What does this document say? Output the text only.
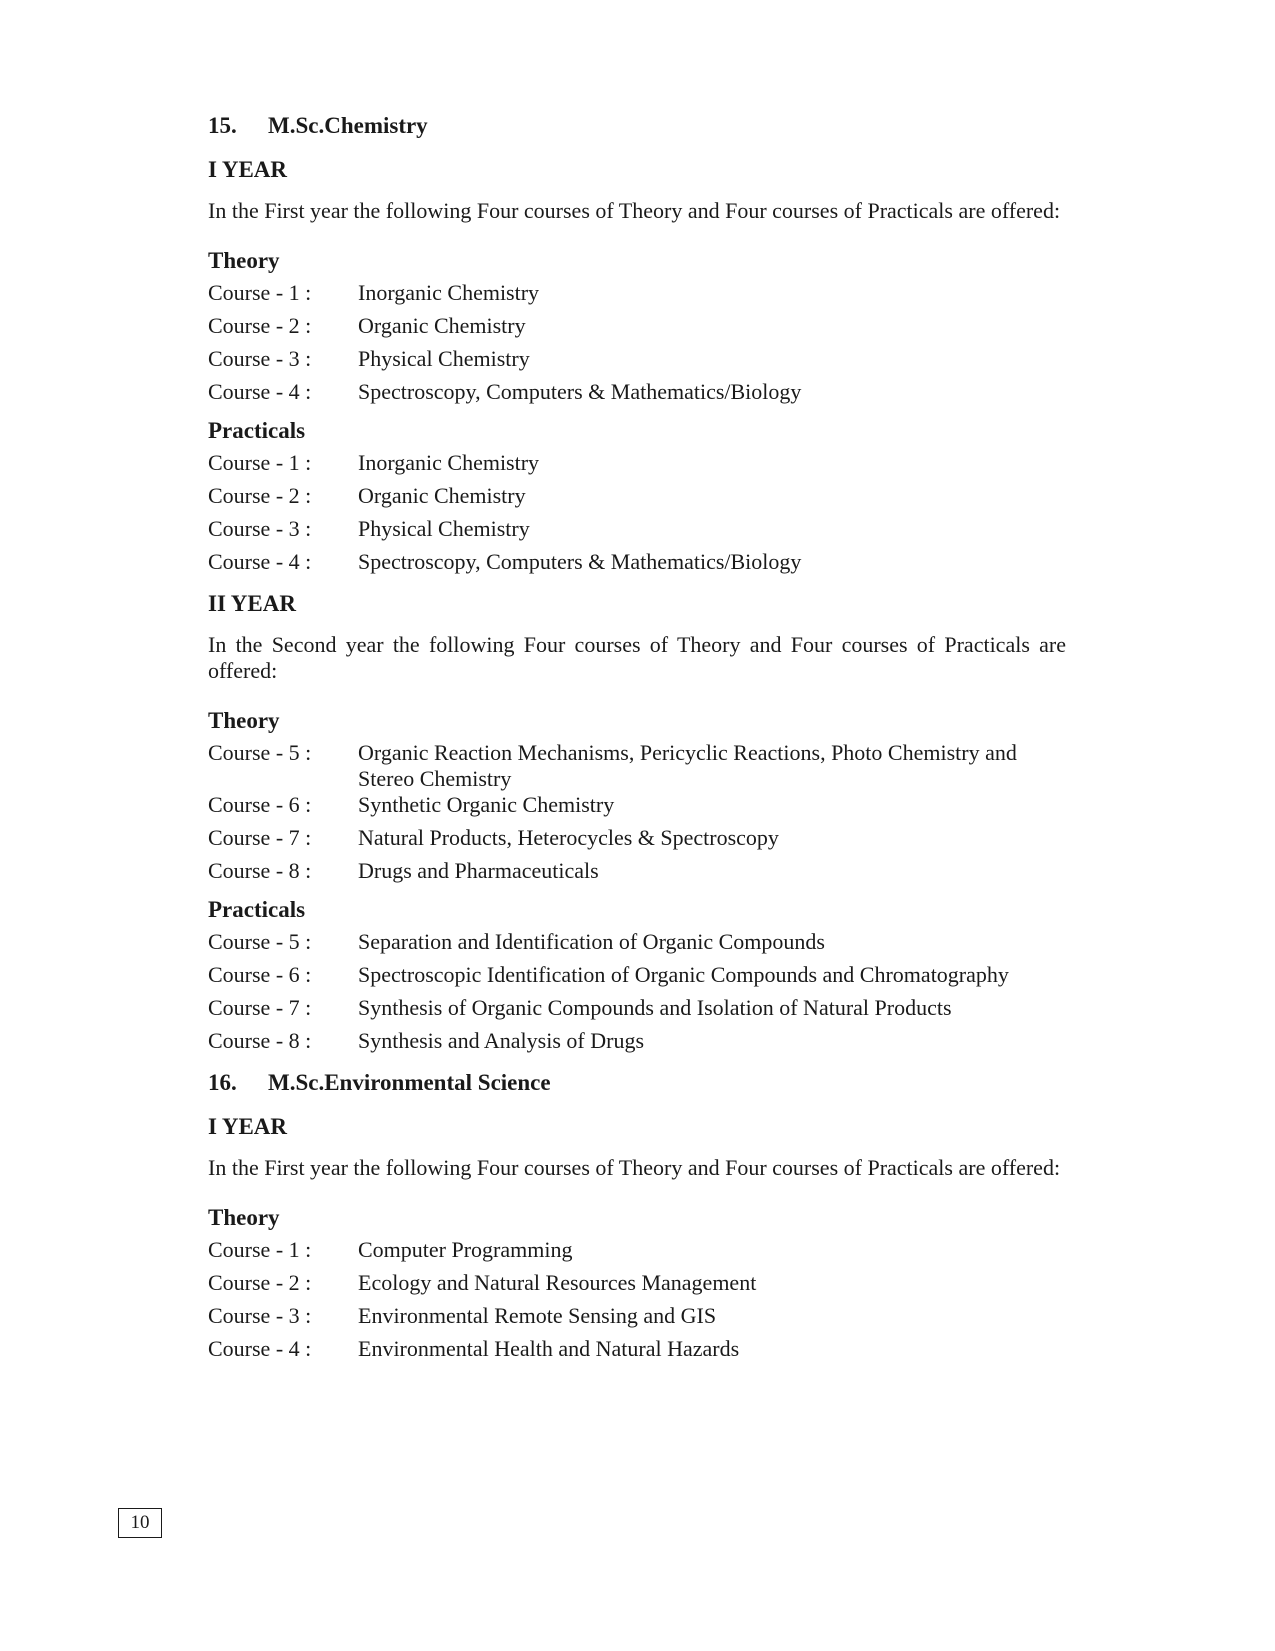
15. M.Sc.Chemistry
I YEAR

In the First year the following Four courses of Theory and Four courses of Practicals are offered:

Theory
Course - 1 :	Inorganic Chemistry
Course - 2 :	Organic Chemistry
Course - 3 :	Physical Chemistry
Course - 4 :	Spectroscopy, Computers & Mathematics/Biology
Practicals
Course - 1 :	Inorganic Chemistry
Course - 2 :	Organic Chemistry
Course - 3 :	Physical Chemistry
Course - 4 :	Spectroscopy, Computers & Mathematics/Biology
II YEAR

In the Second year the following Four courses of Theory and Four courses of Practicals are offered:

Theory
Course - 5 :	Organic Reaction Mechanisms, Pericyclic Reactions, Photo Chemistry and Stereo Chemistry
Course - 6 :	Synthetic Organic Chemistry
Course - 7 :	Natural Products, Heterocycles & Spectroscopy
Course - 8 :	Drugs and Pharmaceuticals
Practicals
Course - 5 :	Separation and Identification of Organic Compounds
Course - 6 :	Spectroscopic Identification of Organic Compounds and Chromatography
Course - 7 :	Synthesis of Organic Compounds and Isolation of Natural Products
Course - 8 :	Synthesis and Analysis of Drugs
16. M.Sc.Environmental Science
I YEAR

In the First year the following Four courses of Theory and Four courses of Practicals are offered:

Theory
Course - 1 :	Computer Programming
Course - 2 :	Ecology and Natural Resources Management
Course - 3 :	Environmental Remote Sensing and GIS
Course - 4 :	Environmental Health and Natural Hazards
10
